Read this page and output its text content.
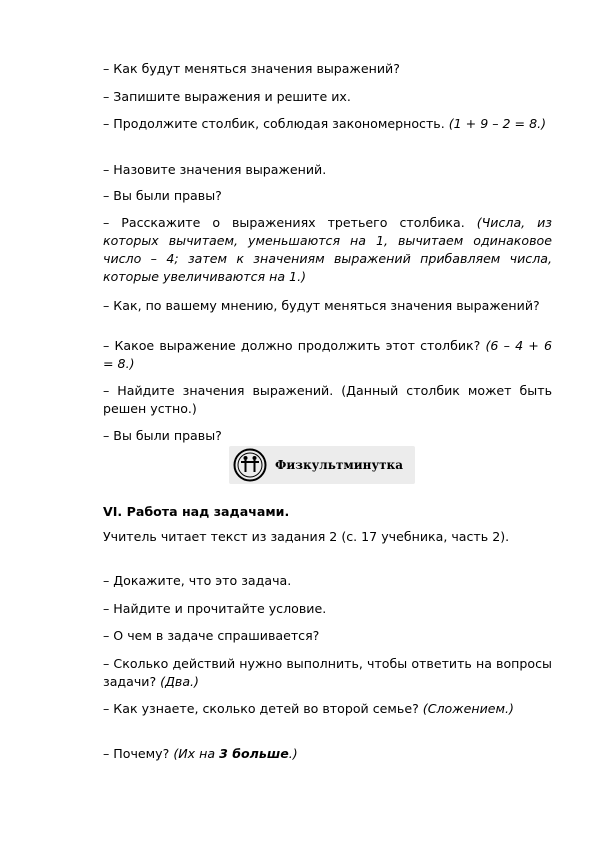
– Как будут меняться значения выражений?

– Запишите выражения и решите их.

– Продолжите столбик, соблюдая закономерность. (1 + 9 – 2 = 8.)

– Назовите значения выражений.

– Вы были правы?

– Расскажите о выражениях третьего столбика. (Числа, из которых вычитаем, уменьшаются на 1, вычитаем одинаковое число – 4; затем к значениям выражений прибавляем числа, которые увеличиваются на 1.)

– Как, по вашему мнению, будут меняться значения выражений?

– Какое выражение должно продолжить этот столбик? (6 – 4 + 6 = 8.)

– Найдите значения выражений. (Данный столбик может быть решен устно.)

– Вы были правы?

Физкультминутка

VI. Работа над задачами.

Учитель читает текст из задания 2 (с. 17 учебника, часть 2).

– Докажите, что это задача.

– Найдите и прочитайте условие.

– О чем в задаче спрашивается?

– Сколько действий нужно выполнить, чтобы ответить на вопросы задачи? (Два.)

– Как узнаете, сколько детей во второй семье? (Сложением.)

– Почему? (Их на 3 больше.)
